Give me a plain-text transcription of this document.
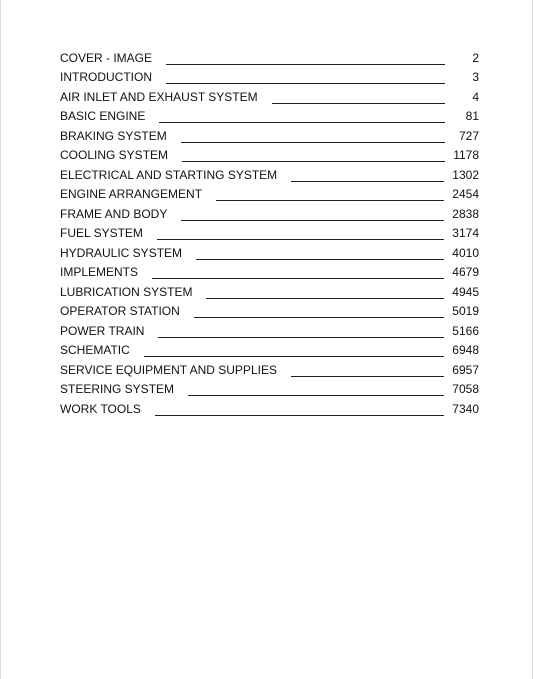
COVER - IMAGE	2
INTRODUCTION	3
AIR INLET AND EXHAUST SYSTEM	4
BASIC ENGINE	81
BRAKING SYSTEM	727
COOLING SYSTEM	1178
ELECTRICAL AND STARTING SYSTEM	1302
ENGINE ARRANGEMENT	2454
FRAME AND BODY	2838
FUEL SYSTEM	3174
HYDRAULIC SYSTEM	4010
IMPLEMENTS	4679
LUBRICATION SYSTEM	4945
OPERATOR STATION	5019
POWER TRAIN	5166
SCHEMATIC	6948
SERVICE EQUIPMENT AND SUPPLIES	6957
STEERING SYSTEM	7058
WORK TOOLS	7340
